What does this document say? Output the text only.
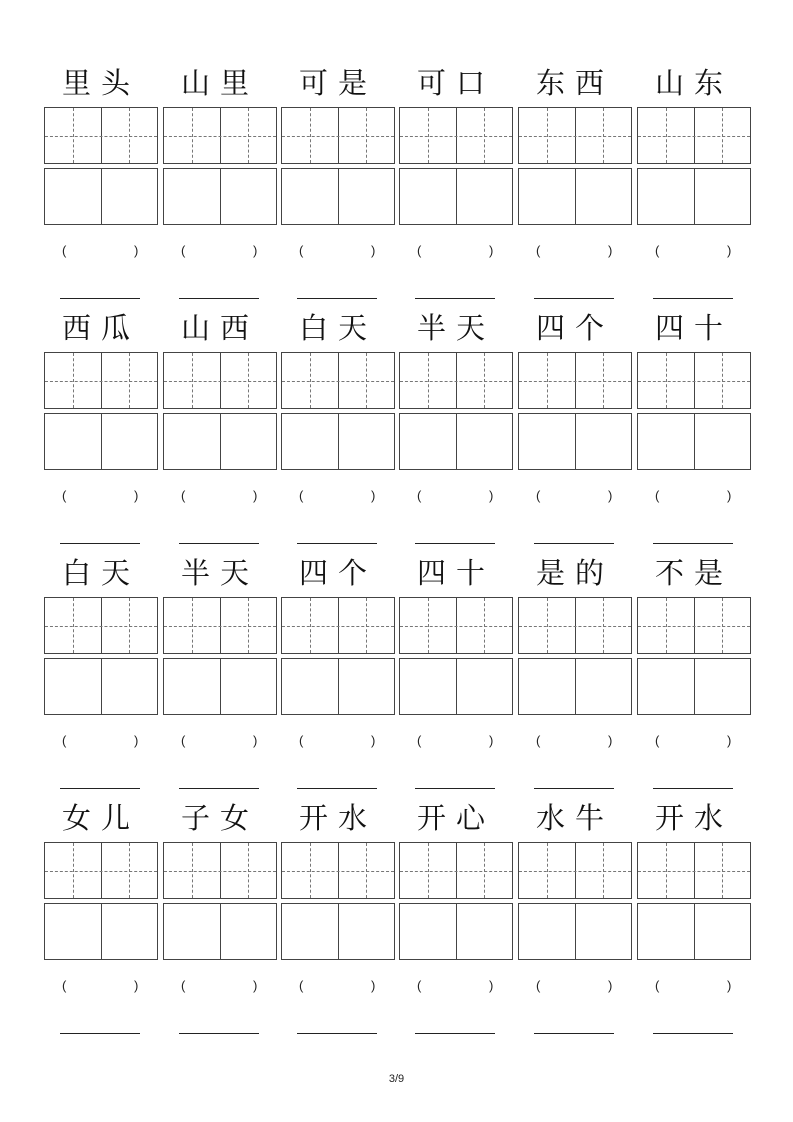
3/9
里头
(	)
山里
(	)
可是
(	)
可口
(	)
东西
(	)
山东
(	)
西瓜
(	)
山西
(	)
白天
(	)
半天
(	)
四个
(	)
四十
(	)
白天
(	)
半天
(	)
四个
(	)
四十
(	)
是的
(	)
不是
(	)
女儿
(	)
子女
(	)
开水
(	)
开心
(	)
水牛
(	)
开水
(	)
